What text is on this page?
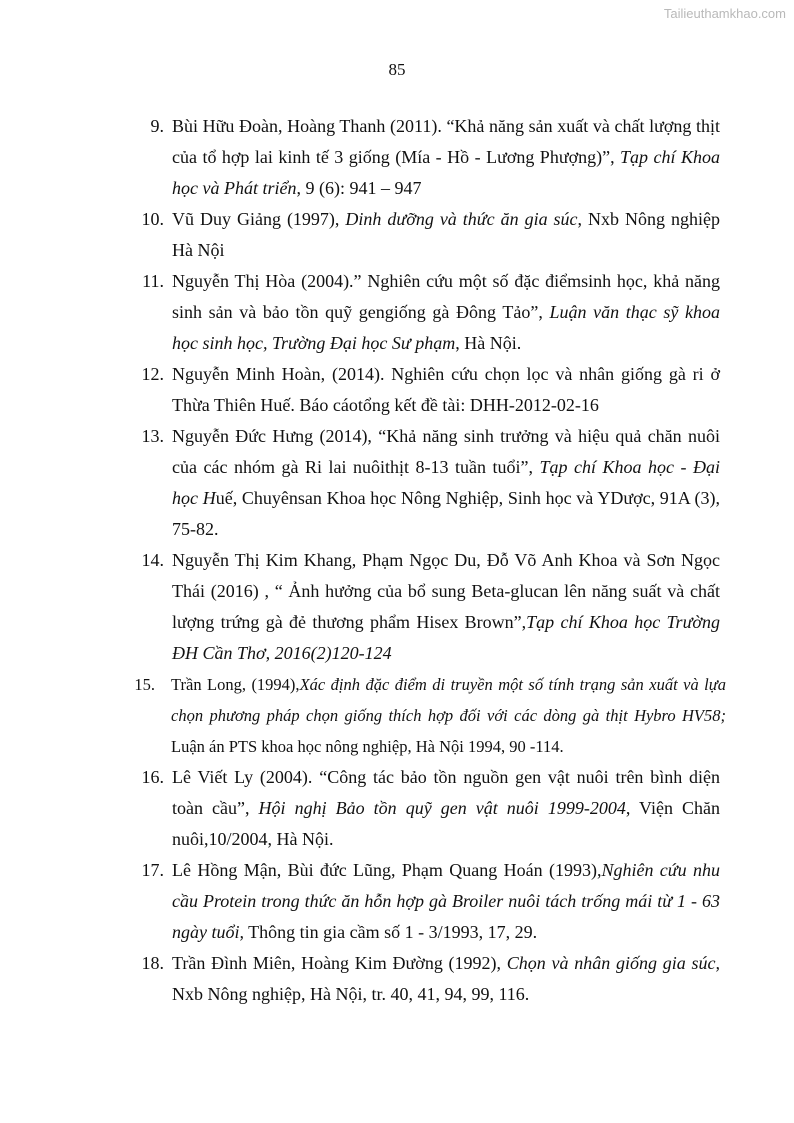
Tailieuthamkhao.com
85
9. Bùi Hữu Đoàn, Hoàng Thanh (2011). “Khả năng sản xuất và chất lượng thịt của tổ hợp lai kinh tế 3 giống (Mía - Hồ - Lương Phượng)”, Tạp chí Khoa học và Phát triển, 9 (6): 941 – 947
10. Vũ Duy Giảng (1997), Dinh dưỡng và thức ăn gia súc, Nxb Nông nghiệp Hà Nội
11. Nguyễn Thị Hòa (2004).” Nghiên cứu một số đặc điểmsinh học, khả năng sinh sản và bảo tồn quỹ gengiống gà Đông Tảo”, Luận văn thạc sỹ khoa học sinh học, Trường Đại học Sư phạm, Hà Nội.
12. Nguyễn Minh Hoàn, (2014). Nghiên cứu chọn lọc và nhân giống gà ri ở Thừa Thiên Huế. Báo cáotổng kết đề tài: DHH-2012-02-16
13. Nguyễn Đức Hưng (2014), “Khả năng sinh trưởng và hiệu quả chăn nuôi của các nhóm gà Ri lai nuôithịt 8-13 tuần tuổi”, Tạp chí Khoa học - Đại học Huế, Chuyênsan Khoa học Nông Nghiệp, Sinh học và YDược, 91A (3), 75-82.
14. Nguyễn Thị Kim Khang, Phạm Ngọc Du, Đỗ Võ Anh Khoa và Sơn Ngọc Thái (2016) , “ Ảnh hưởng của bổ sung Beta-glucan lên năng suất và chất lượng trứng gà đẻ thương phẩm Hisex Brown”,Tạp chí Khoa học Trường ĐH Cần Thơ, 2016(2)120-124
15. Trần Long, (1994),Xác định đặc điểm di truyền một số tính trạng sản xuất và lựa chọn phương pháp chọn giống thích hợp đối với các dòng gà thịt Hybro HV58; Luận án PTS khoa học nông nghiệp, Hà Nội 1994, 90 -114.
16. Lê Viết Ly (2004). “Công tác bảo tồn nguồn gen vật nuôi trên bình diện toàn cầu”, Hội nghị Bảo tồn quỹ gen vật nuôi 1999-2004, Viện Chăn nuôi,10/2004, Hà Nội.
17. Lê Hồng Mận, Bùi đức Lũng, Phạm Quang Hoán (1993),Nghiên cứu nhu cầu Protein trong thức ăn hỗn hợp gà Broiler nuôi tách trống mái từ 1 - 63 ngày tuổi, Thông tin gia cầm số 1 - 3/1993, 17, 29.
18. Trần Đình Miên, Hoàng Kim Đường (1992), Chọn và nhân giống gia súc, Nxb Nông nghiệp, Hà Nội, tr. 40, 41, 94, 99, 116.
